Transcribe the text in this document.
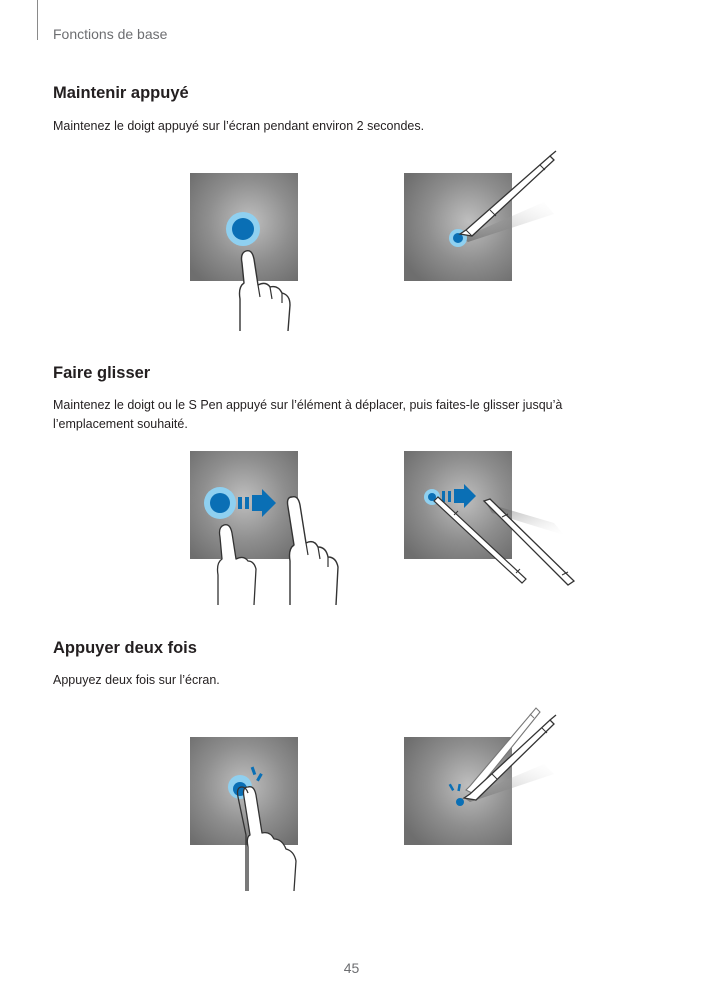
Fonctions de base
Maintenir appuyé
Maintenez le doigt appuyé sur l’écran pendant environ 2 secondes.
Faire glisser
Maintenez le doigt ou le S Pen appuyé sur l’élément à déplacer, puis faites-le glisser jusqu’à l’emplacement souhaité.
Appuyer deux fois
Appuyez deux fois sur l’écran.
45
